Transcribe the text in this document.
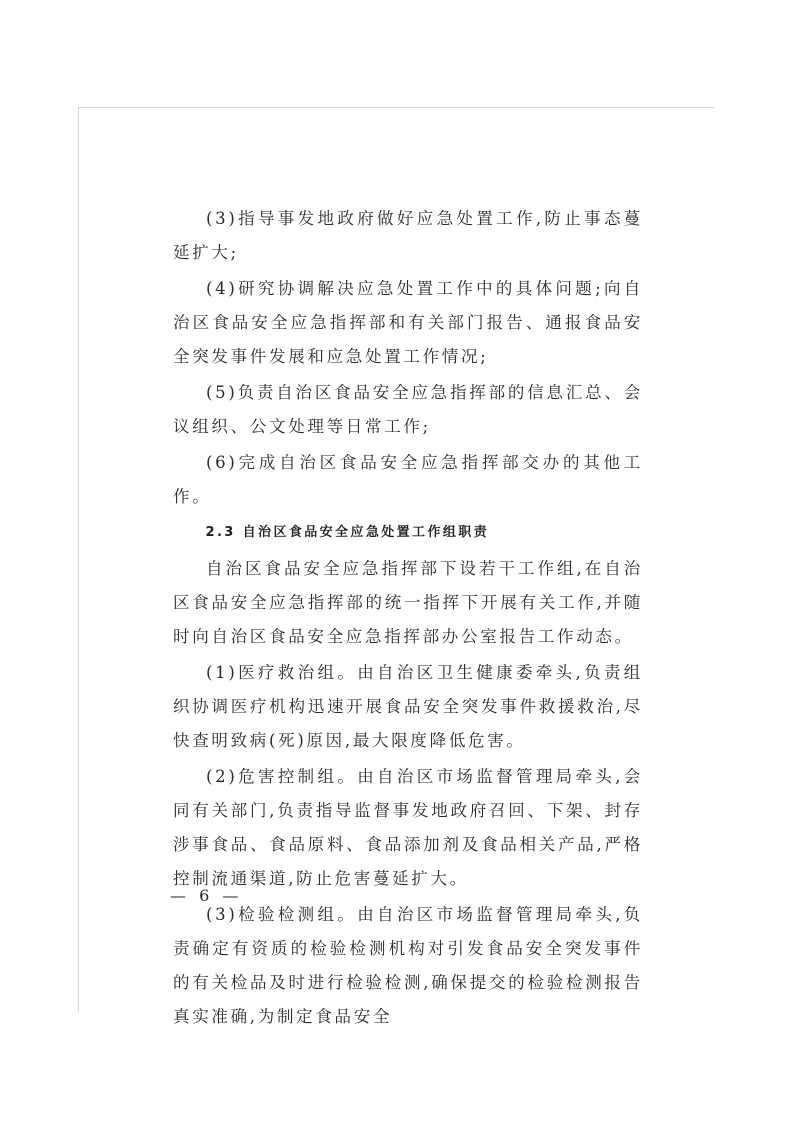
(3)指导事发地政府做好应急处置工作,防止事态蔓延扩大;

(4)研究协调解决应急处置工作中的具体问题;向自治区食品安全应急指挥部和有关部门报告、通报食品安全突发事件发展和应急处置工作情况;

(5)负责自治区食品安全应急指挥部的信息汇总、会议组织、公文处理等日常工作;

(6)完成自治区食品安全应急指挥部交办的其他工作。

2.3 自治区食品安全应急处置工作组职责

自治区食品安全应急指挥部下设若干工作组,在自治区食品安全应急指挥部的统一指挥下开展有关工作,并随时向自治区食品安全应急指挥部办公室报告工作动态。

(1)医疗救治组。由自治区卫生健康委牵头,负责组织协调医疗机构迅速开展食品安全突发事件救援救治,尽快查明致病(死)原因,最大限度降低危害。

(2)危害控制组。由自治区市场监督管理局牵头,会同有关部门,负责指导监督事发地政府召回、下架、封存涉事食品、食品原料、食品添加剂及食品相关产品,严格控制流通渠道,防止危害蔓延扩大。

(3)检验检测组。由自治区市场监督管理局牵头,负责确定有资质的检验检测机构对引发食品安全突发事件的有关检品及时进行检验检测,确保提交的检验检测报告真实准确,为制定食品安全

— 6 —
